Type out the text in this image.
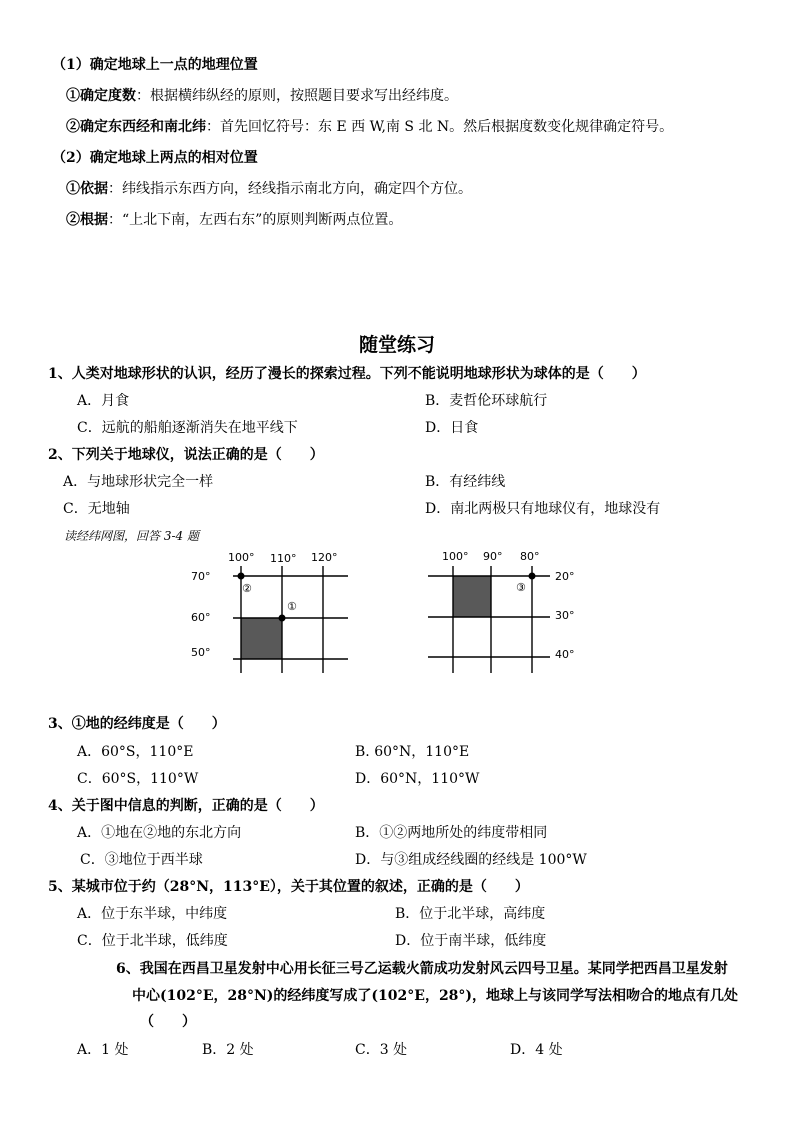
（1）确定地球上一点的地理位置
①确定度数：根据横纬纵经的原则，按照题目要求写出经纬度。
②确定东西经和南北纬：首先回忆符号：东 E 西 W,南 S 北 N。然后根据度数变化规律确定符号。
（2）确定地球上两点的相对位置
①依据：纬线指示东西方向，经线指示南北方向，确定四个方位。
②根据：“上北下南，左西右东”的原则判断两点位置。
随堂练习
1、人类对地球形状的认识，经历了漫长的探索过程。下列不能说明地球形状为球体的是（　　）
A．月食	B．麦哲伦环球航行
C．远航的船舶逐渐消失在地平线下	D．日食
2、下列关于地球仪，说法正确的是（　　）
A．与地球形状完全一样	B．有经纬线
C．无地轴	D．南北两极只有地球仪有，地球没有
读经纬网图，回答 3-4 题
100° 110° 120°
70°
60°
50°
②
①
100° 90° 80°
20°
30°
40°
③
3、①地的经纬度是（　　）
A．60°S，110°E	B. 60°N，110°E
C．60°S，110°W	D．60°N，110°W
4、关于图中信息的判断，正确的是（　　）
A．①地在②地的东北方向	B．①②两地所处的纬度带相同
C．③地位于西半球	D．与③组成经线圈的经线是 100°W
5、某城市位于约（28°N，113°E），关于其位置的叙述，正确的是（　　）
A．位于东半球，中纬度	B．位于北半球，高纬度
C．位于北半球，低纬度	D．位于南半球，低纬度
6、我国在西昌卫星发射中心用长征三号乙运载火箭成功发射风云四号卫星。某同学把西昌卫星发射
中心(102°E，28°N)的经纬度写成了(102°E，28°)，地球上与该同学写法相吻合的地点有几处
（　　）
A．1 处	B．2 处	C．3 处	D．4 处
